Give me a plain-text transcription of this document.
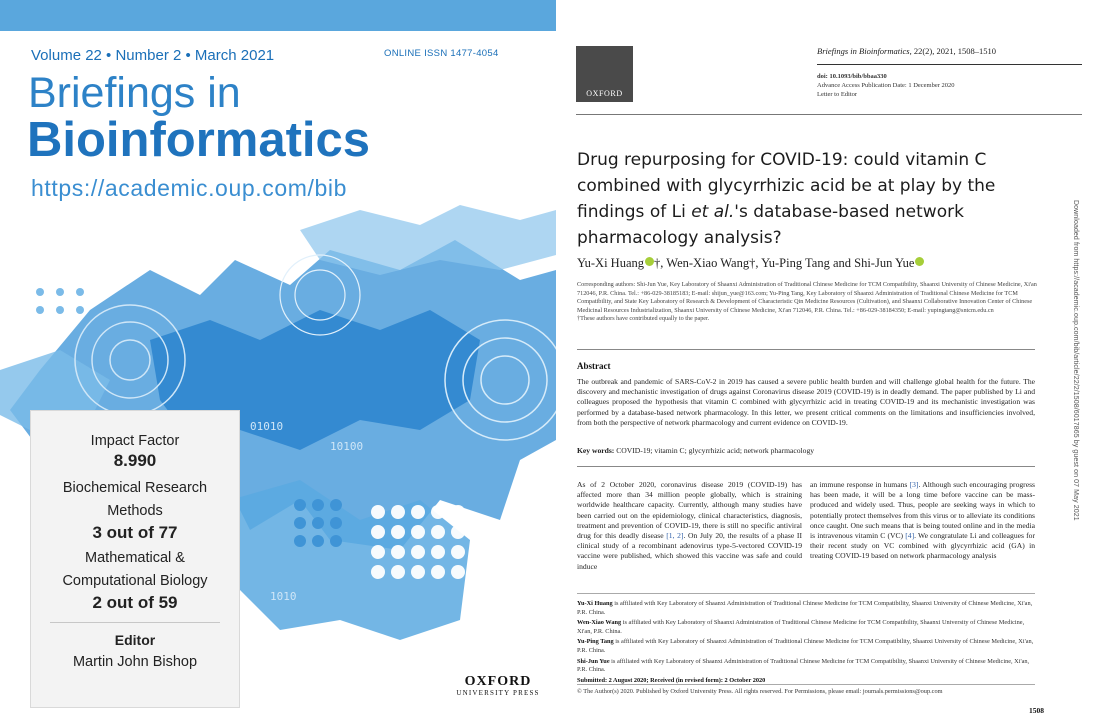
Volume 22 • Number 2 • March 2021	ONLINE ISSN 1477-4054
Briefings in
Bioinformatics
https://academic.oup.com/bib
01010
10100
1010
Impact Factor
8.990
Biochemical Research
Methods
3 out of 77
Mathematical &
Computational Biology
2 out of 59
Editor
Martin John Bishop
OXFORD
UNIVERSITY PRESS
OXFORD
Briefings in Bioinformatics, 22(2), 2021, 1508–1510
doi: 10.1093/bib/bbaa330
Advance Access Publication Date: 1 December 2020
Letter to Editor
Drug repurposing for COVID-19: could vitamin C combined with glycyrrhizic acid be at play by the findings of Li et al.'s database-based network pharmacology analysis?
Yu-Xi Huang †, Wen-Xiao Wang†, Yu-Ping Tang and Shi-Jun Yue
Corresponding authors: Shi-Jun Yue, Key Laboratory of Shaanxi Administration of Traditional Chinese Medicine for TCM Compatibility, Shaanxi University of Chinese Medicine, Xi'an 712046, P.R. China. Tel.: +86-029-38185183; E-mail: shijun_yue@163.com; Yu-Ping Tang, Key Laboratory of Shaanxi Administration of Traditional Chinese Medicine for TCM Compatibility, and State Key Laboratory of Research & Development of Characteristic Qin Medicine Resources (Cultivation), and Shaanxi Collaborative Innovation Center of Chinese Medicinal Resources Industrialization, Shaanxi University of Chinese Medicine, Xi'an 712046, P.R. China. Tel.: +86-029-38184350; E-mail: yupingtang@sntcm.edu.cn
†These authors have contributed equally to the paper.
Abstract
The outbreak and pandemic of SARS-CoV-2 in 2019 has caused a severe public health burden and will challenge global health for the future. The discovery and mechanistic investigation of drugs against Coronavirus disease 2019 (COVID-19) is in deadly demand. The paper published by Li and colleagues proposed the hypothesis that vitamin C combined with glycyrrhizic acid in treating COVID-19 and its mechanistic investigation was performed by a database-based network pharmacology. In this letter, we present critical comments on the limitations and insufficiencies involved, from both the perspective of network pharmacology and current evidence on COVID-19.
Key words: COVID-19; vitamin C; glycyrrhizic acid; network pharmacology
As of 2 October 2020, coronavirus disease 2019 (COVID-19) has affected more than 34 million people globally, which is straining worldwide healthcare capacity. Currently, although many studies have been carried out on the epidemiology, clinical characteristics, diagnosis, treatment and prevention of COVID-19, there is still no specific antiviral drug for this deadly disease [1, 2]. On July 20, the results of a phase II clinical study of a recombinant adenovirus type-5-vectored COVID-19 vaccine were published, which showed this vaccine was safe and could induce
an immune response in humans [3]. Although such encouraging progress has been made, it will be a long time before vaccine can be mass-produced and widely used. Thus, people are seeking ways in which to potentially protect themselves from this virus or to alleviate its conditions once caught. One such means that is being touted online and in the media is intravenous vitamin C (VC) [4]. We congratulate Li and colleagues for their recent study on VC combined with glycyrrhizic acid (GA) in treating COVID-19 based on network pharmacology analysis

Yu-Xi Huang is affiliated with Key Laboratory of Shaanxi Administration of Traditional Chinese Medicine for TCM Compatibility, Shaanxi University of Chinese Medicine, Xi'an, P.R. China.

Wen-Xiao Wang is affiliated with Key Laboratory of Shaanxi Administration of Traditional Chinese Medicine for TCM Compatibility, Shaanxi University of Chinese Medicine, Xi'an, P.R. China.

Yu-Ping Tang is affiliated with Key Laboratory of Shaanxi Administration of Traditional Chinese Medicine for TCM Compatibility, Shaanxi University of Chinese Medicine, Xi'an, P.R. China.

Shi-Jun Yue is affiliated with Key Laboratory of Shaanxi Administration of Traditional Chinese Medicine for TCM Compatibility, Shaanxi University of Chinese Medicine, Xi'an, P.R. China.

Submitted: 2 August 2020; Received (in revised form): 2 October 2020

© The Author(s) 2020. Published by Oxford University Press. All rights reserved. For Permissions, please email: journals.permissions@oup.com
1508
Downloaded from https://academic.oup.com/bib/article/22/2/1508/6017865 by guest on 07 May 2021
